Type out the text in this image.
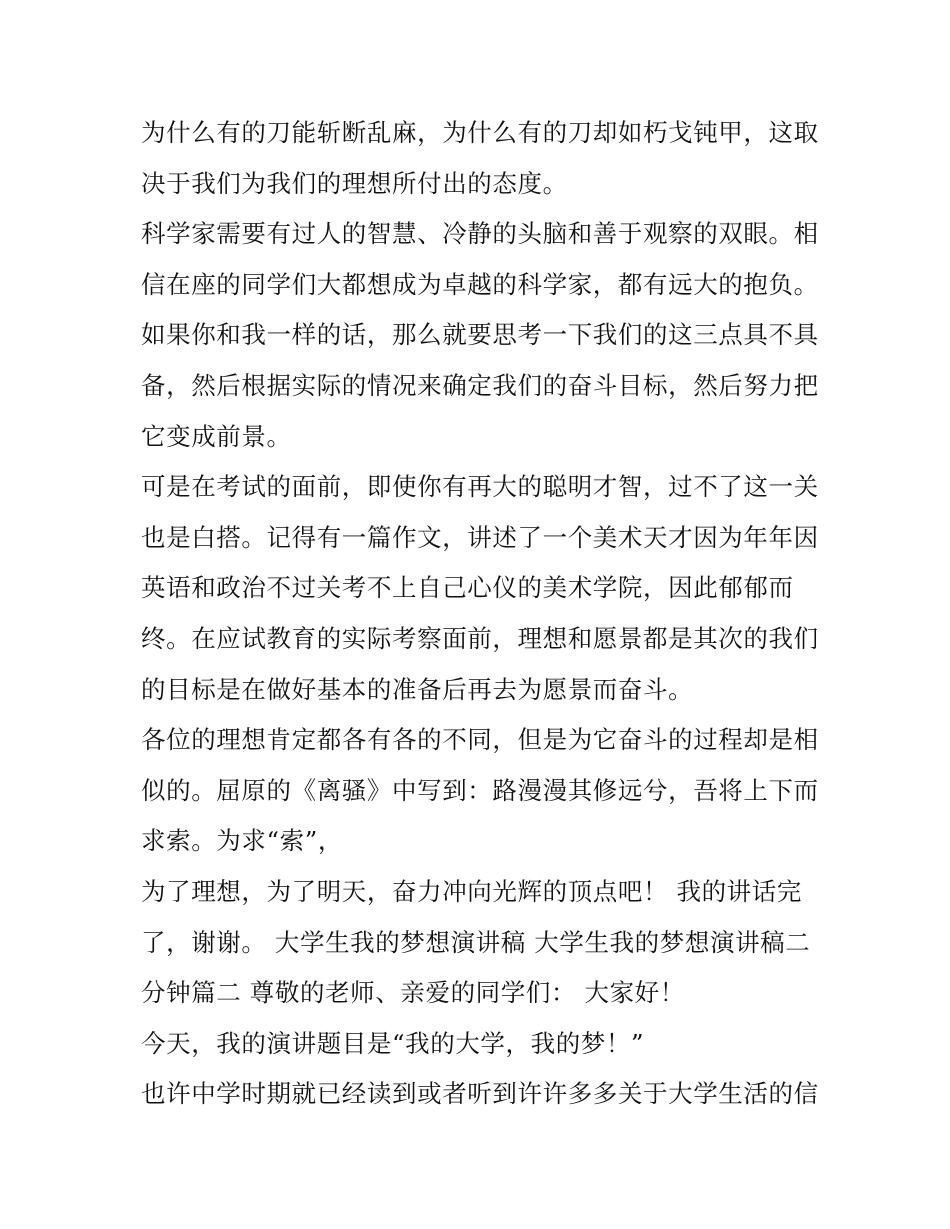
为什么有的刀能斩断乱麻，为什么有的刀却如朽戈钝甲，这取
决于我们为我们的理想所付出的态度。
科学家需要有过人的智慧、冷静的头脑和善于观察的双眼。相
信在座的同学们大都想成为卓越的科学家，都有远大的抱负。
如果你和我一样的话，那么就要思考一下我们的这三点具不具
备，然后根据实际的情况来确定我们的奋斗目标，然后努力把
它变成前景。
可是在考试的面前，即使你有再大的聪明才智，过不了这一关
也是白搭。记得有一篇作文，讲述了一个美术天才因为年年因
英语和政治不过关考不上自己心仪的美术学院，因此郁郁而
终。在应试教育的实际考察面前，理想和愿景都是其次的我们
的目标是在做好基本的准备后再去为愿景而奋斗。
各位的理想肯定都各有各的不同，但是为它奋斗的过程却是相
似的。屈原的《离骚》中写到：路漫漫其修远兮，吾将上下而
求索。为求“索”，
为了理想，为了明天，奋力冲向光辉的顶点吧！ 我的讲话完
了，谢谢。 大学生我的梦想演讲稿 大学生我的梦想演讲稿二
分钟篇二 尊敬的老师、亲爱的同学们： 大家好！
今天，我的演讲题目是“我的大学，我的梦！”
也许中学时期就已经读到或者听到许许多多关于大学生活的信
